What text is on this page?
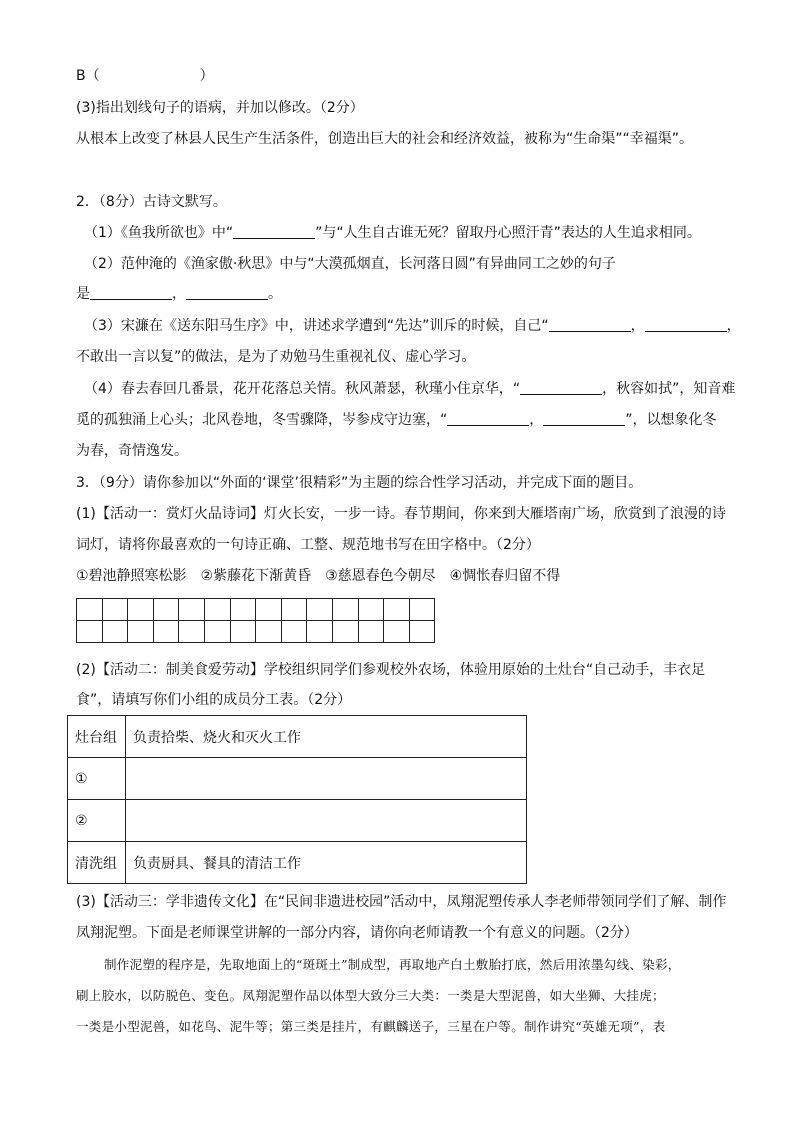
B（	）
(3)指出划线句子的语病，并加以修改。（2分）
从根本上改变了林县人民生产生活条件，创造出巨大的社会和经济效益，被称为“生命渠”“幸福渠”。
2．（8分）古诗文默写。
（1）《鱼我所欲也》中“	”与“人生自古谁无死？留取丹心照汗青”表达的人生追求相同。
（2）范仲淹的《渔家傲·秋思》中与“大漠孤烟直，长河落日圆”有异曲同工之妙的句子
是	，	。
（3）宋濂在《送东阳马生序》中，讲述求学遭到“先达”训斥的时候，自己“	，	，
不敢出一言以复”的做法，是为了劝勉马生重视礼仪、虚心学习。
（4）春去春回几番景，花开花落总关情。秋风萧瑟，秋瑾小住京华，“	，秋容如拭”，知音难
觅的孤独涌上心头；北风卷地，冬雪骤降，岑参戍守边塞，“	，	”，以想象化冬
为春，奇情逸发。
3．（9分）请你参加以“外面的‘课堂’很精彩”为主题的综合性学习活动，并完成下面的题目。
(1)【活动一：赏灯火品诗词】灯火长安，一步一诗。春节期间，你来到大雁塔南广场，欣赏到了浪漫的诗
词灯，请将你最喜欢的一句诗正确、工整、规范地书写在田字格中。（2分）
①碧池静照寒松影　②紫藤花下渐黄昏　③慈恩春色今朝尽　④惆怅春归留不得

(2)【活动二：制美食爱劳动】学校组织同学们参观校外农场，体验用原始的土灶台“自己动手，丰衣足
食”，请填写你们小组的成员分工表。（2分）
灶台组	负责拾柴、烧火和灭火工作
①	
②	
清洗组	负责厨具、餐具的清洁工作
(3)【活动三：学非遗传文化】在“民间非遗进校园”活动中，凤翔泥塑传承人李老师带领同学们了解、制作
凤翔泥塑。下面是老师课堂讲解的一部分内容，请你向老师请教一个有意义的问题。（2分）
制作泥塑的程序是，先取地面上的“斑斑土”制成型，再取地产白土敷胎打底，然后用浓墨勾线、染彩，
刷上胶水，以防脱色、变色。凤翔泥塑作品以体型大致分三大类：一类是大型泥兽，如大坐狮、大挂虎；
一类是小型泥兽，如花鸟、泥牛等；第三类是挂片，有麒麟送子，三星在户等。制作讲究“英雄无项”，表
